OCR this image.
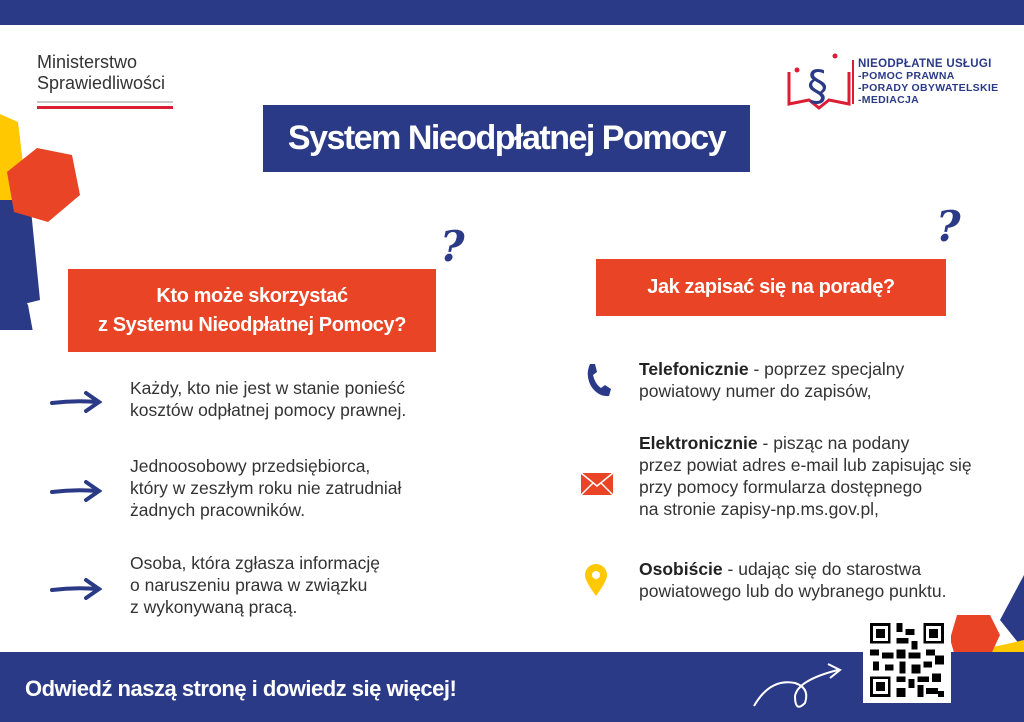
Ministerstwo
Sprawiedliwości	§	NIEODPŁATNE USŁUGI
-POMOC PRAWNA
-PORADY OBYWATELSKIE
-MEDIACJA
System Nieodpłatnej Pomocy
?	?
Kto może skorzystać
z Systemu Nieodpłatnej Pomocy?
Jak zapisać się na poradę?
Każdy, kto nie jest w stanie ponieść
kosztów odpłatnej pomocy prawnej.
Jednoosobowy przedsiębiorca,
który w zeszłym roku nie zatrudniał
żadnych pracowników.
Osoba, która zgłasza informację
o naruszeniu prawa w związku
z wykonywaną pracą.
Telefonicznie - poprzez specjalny
powiatowy numer do zapisów,
Elektronicznie - pisząc na podany
przez powiat adres e-mail lub zapisując się
przy pomocy formularza dostępnego
na stronie zapisy-np.ms.gov.pl,
Osobiście - udając się do starostwa
powiatowego lub do wybranego punktu.
Odwiedź naszą stronę i dowiedz się więcej!
